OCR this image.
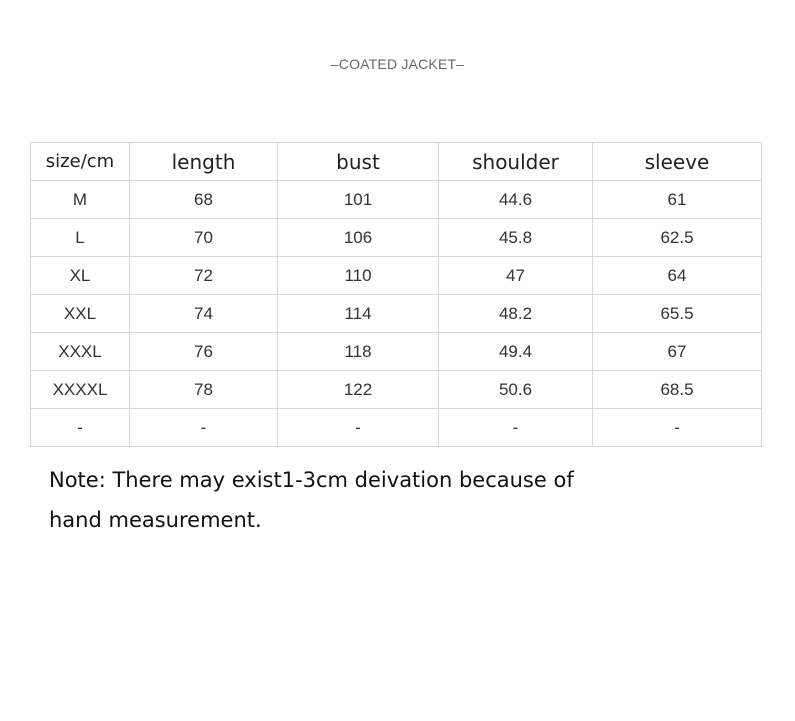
–COATED JACKET–
size/cm	length	bust	shoulder	sleeve
M	68	101	44.6	61
L	70	106	45.8	62.5
XL	72	110	47	64
XXL	74	114	48.2	65.5
XXXL	76	118	49.4	67
XXXXL	78	122	50.6	68.5
-	-	-	-	-
Note: There may exist1-3cm deivation because of hand measurement.
